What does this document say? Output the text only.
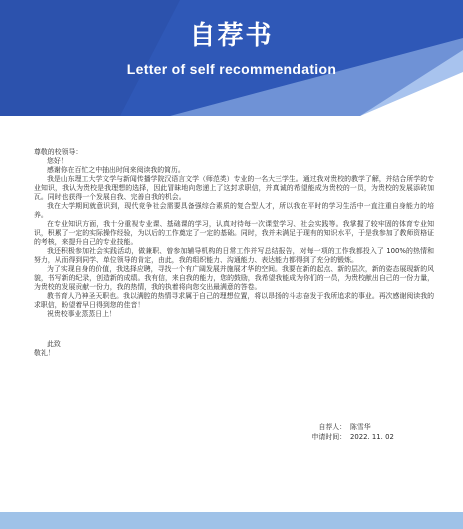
自荐书
Letter of self recommendation
尊敬的校领导：
您好！

感谢你在百忙之中抽出时间来阅读我的简历。

我是山东理工大学文学与新闻传播学院汉语言文学（师范类）专业的一名大三学生。通过我对贵校的教学了解，并结合所学的专业知识，我认为贵校是我理想的选择，因此冒昧地向您递上了这封求职信，并真诚的希望能成为贵校的一员，为贵校的发展添砖加瓦。同时也获得一个发展自我、完善自我的机会。

我在大学期间就意识到，现代竞争社会需要具备强综合素质的复合型人才，所以我在平时的学习生活中一直注重自身能力的培养。

在专业知识方面，我十分重视专业课、基础课的学习，认真对待每一次课堂学习、社会实践等。我掌握了较牢固的体育专业知识，积累了一定的实际操作经验，为以后的工作奠定了一定的基础。同时，我并未满足于现有的知识水平，于是我参加了教师资格证的考核，来提升自己的专业技能。

我还积极参加社会实践活动，做兼职、曾参加辅导机构的日常工作并写总结报告，对每一项的工作我都投入了 100%的热情和努力，从而得到同学、单位领导的肯定，由此，我的组织能力、沟通能力、表达能力都得到了充分的锻炼。

为了实现自身的价值，我选择应聘，寻找一个有广阔发展并施展才华的空间。我要在新的起点、新的层次，新的姿态展现新的风貌，书写新的纪录，创造新的成绩。我有信，来自我的能力，您的鼓励，我希望我能成为你们的一员，为贵校献出自己的一份力量，为贵校的发展贡献一份力，我的热情，我的执着将向您交出最满意的答卷。

教书育人乃神圣天职也。我以满腔的热情寻求属于自己的理想位置，将以昂扬的斗志奋发于我所追求的事业。再次感谢阅读我的求职信，盼望着早日得到您的佳音！

祝贵校事业蒸蒸日上！

此致
敬礼！
自荐人： 陈雪华
申请时间： 2022. 11. 02
